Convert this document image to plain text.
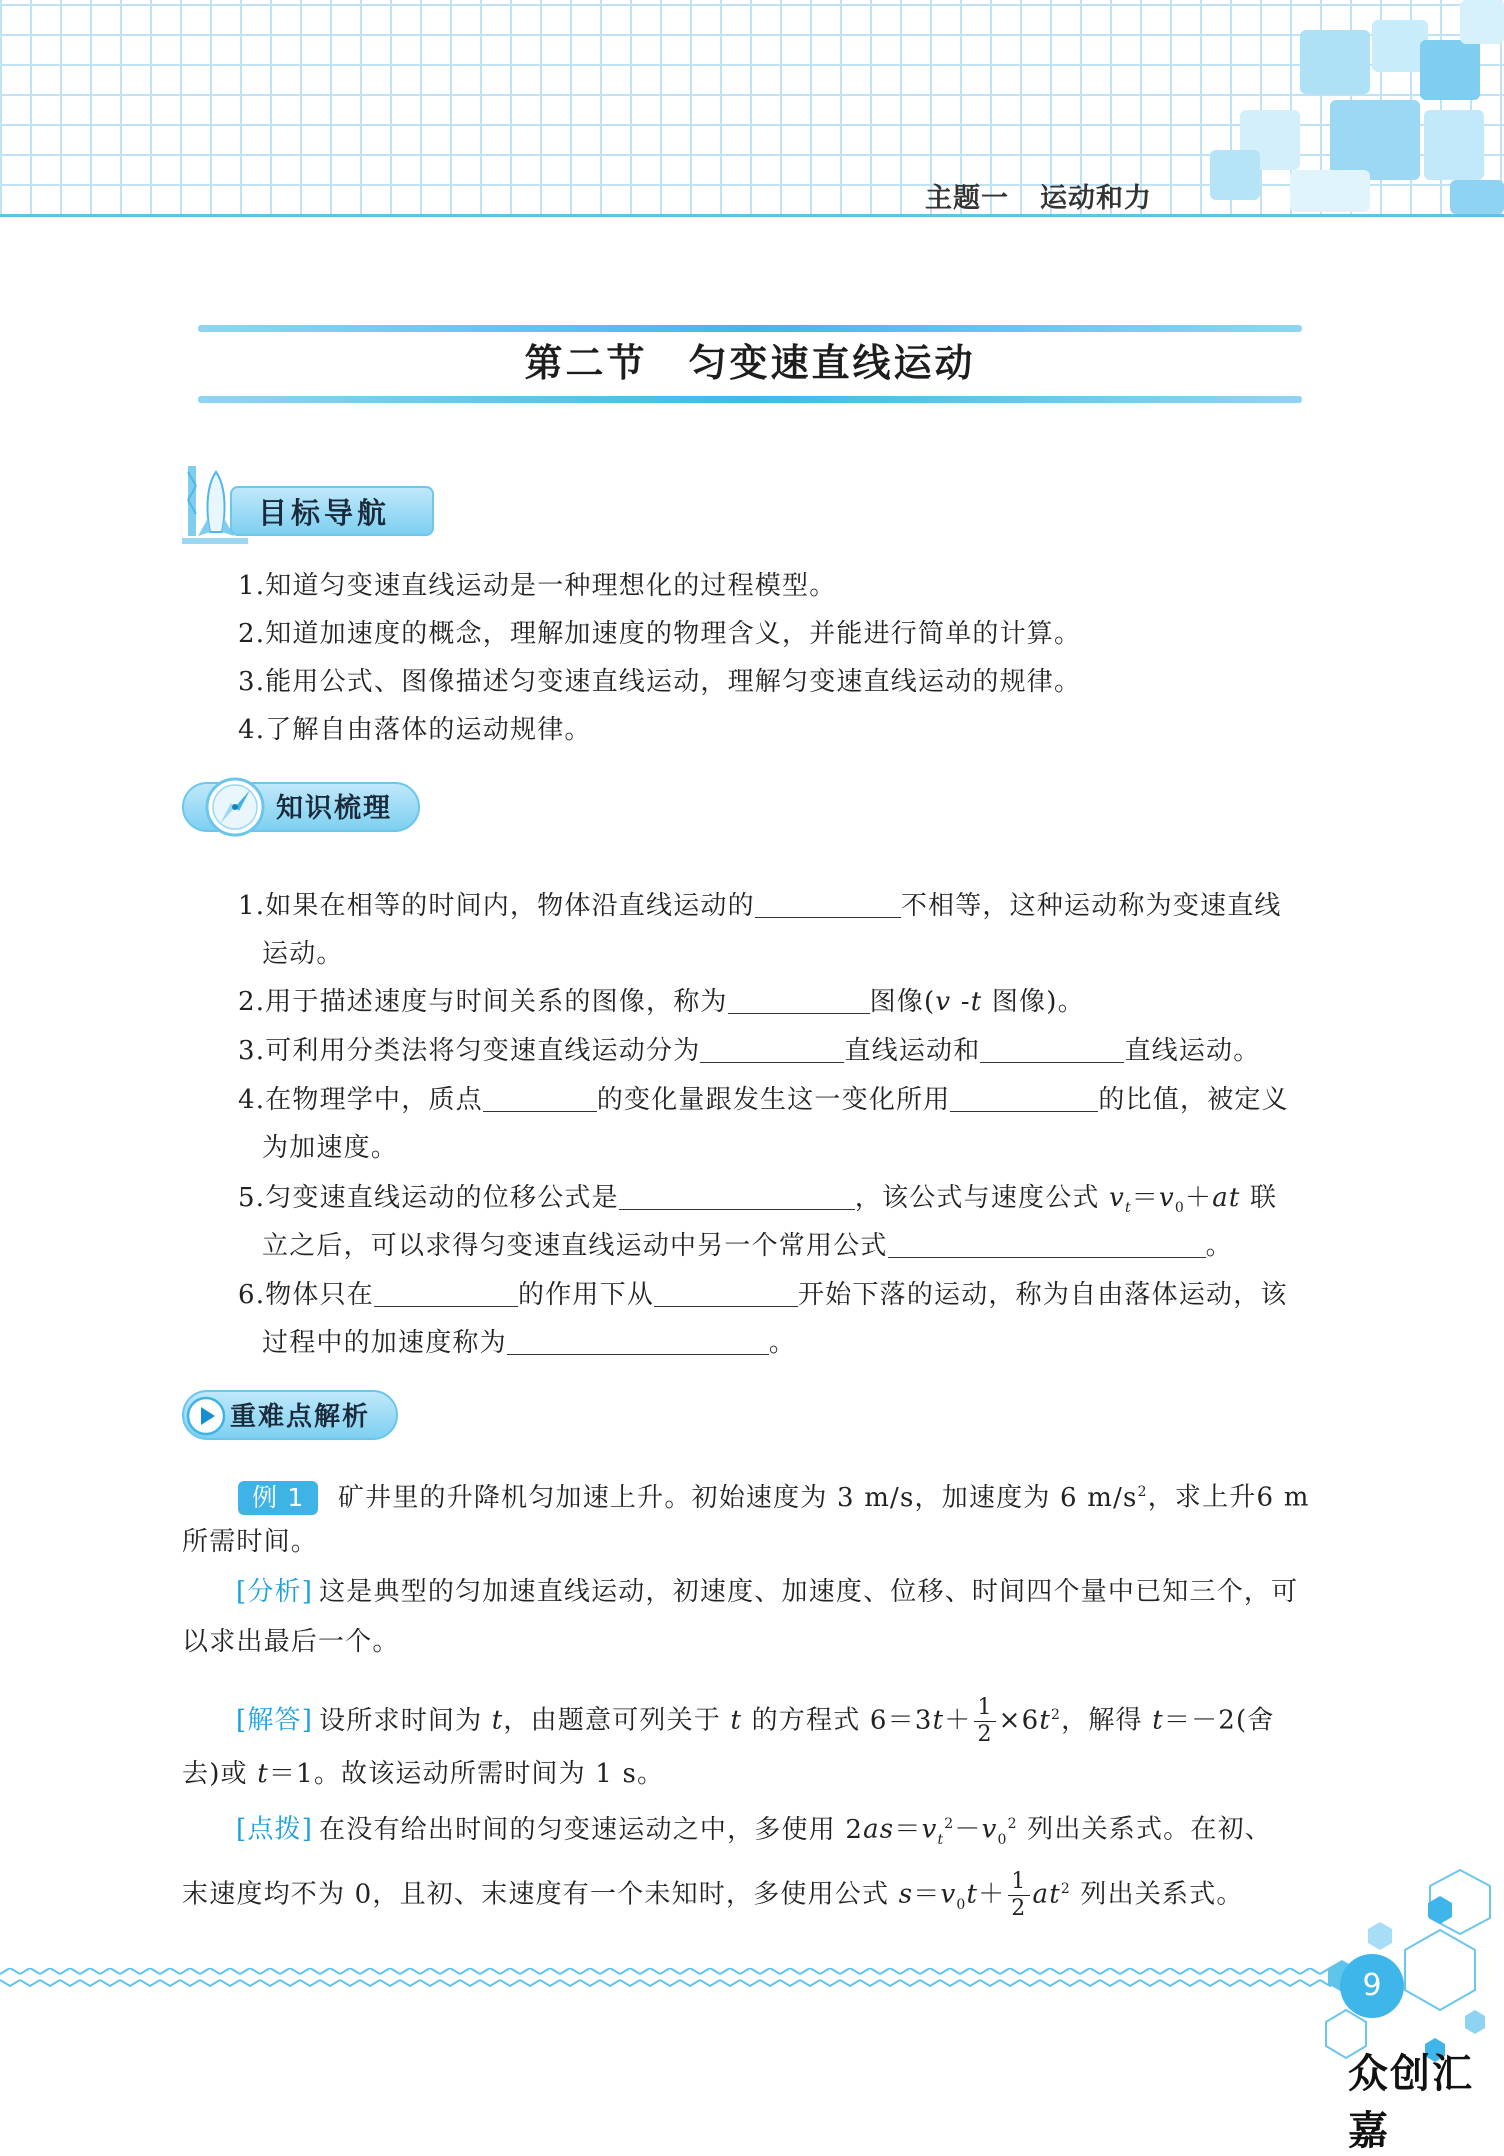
主题一 运动和力
第二节　匀变速直线运动
目标导航
1.知道匀变速直线运动是一种理想化的过程模型。
2.知道加速度的概念，理解加速度的物理含义，并能进行简单的计算。
3.能用公式、图像描述匀变速直线运动，理解匀变速直线运动的规律。
4.了解自由落体的运动规律。
知识梳理
1.如果在相等的时间内，物体沿直线运动的	不相等，这种运动称为变速直线
运动。
2.用于描述速度与时间关系的图像，称为	图像(v -t 图像)。
3.可利用分类法将匀变速直线运动分为	直线运动和	直线运动。
4.在物理学中，质点	的变化量跟发生这一变化所用	的比值，被定义
为加速度。
5.匀变速直线运动的位移公式是	，该公式与速度公式 $v_t=v_0+at$ 联
立之后，可以求得匀变速直线运动中另一个常用公式	。
6.物体只在	的作用下从	开始下落的运动，称为自由落体运动，该
过程中的加速度称为	。
重难点解析
例 1 矿井里的升降机匀加速上升。初始速度为 3 m/s，加速度为 6 $m/s^2$，求上升6 m
所需时间。
[分析] 这是典型的匀加速直线运动，初速度、加速度、位移、时间四个量中已知三个，可
以求出最后一个。
[解答] 设所求时间为 t，由题意可列关于 t 的方程式 $6=3t+ \frac{1}{2} \times 6t^2$，解得 t＝－2(舍
去)或 t＝1。故该运动所需时间为 1 s。
[点拨] 在没有给出时间的匀变速运动之中，多使用 $2as=v_t^2-v_0^2$ 列出关系式。在初、
末速度均不为 0，且初、末速度有一个未知时，多使用公式 $s=v_0t+ \frac{1}{2} at^2$ 列出关系式。
9
众创汇嘉
